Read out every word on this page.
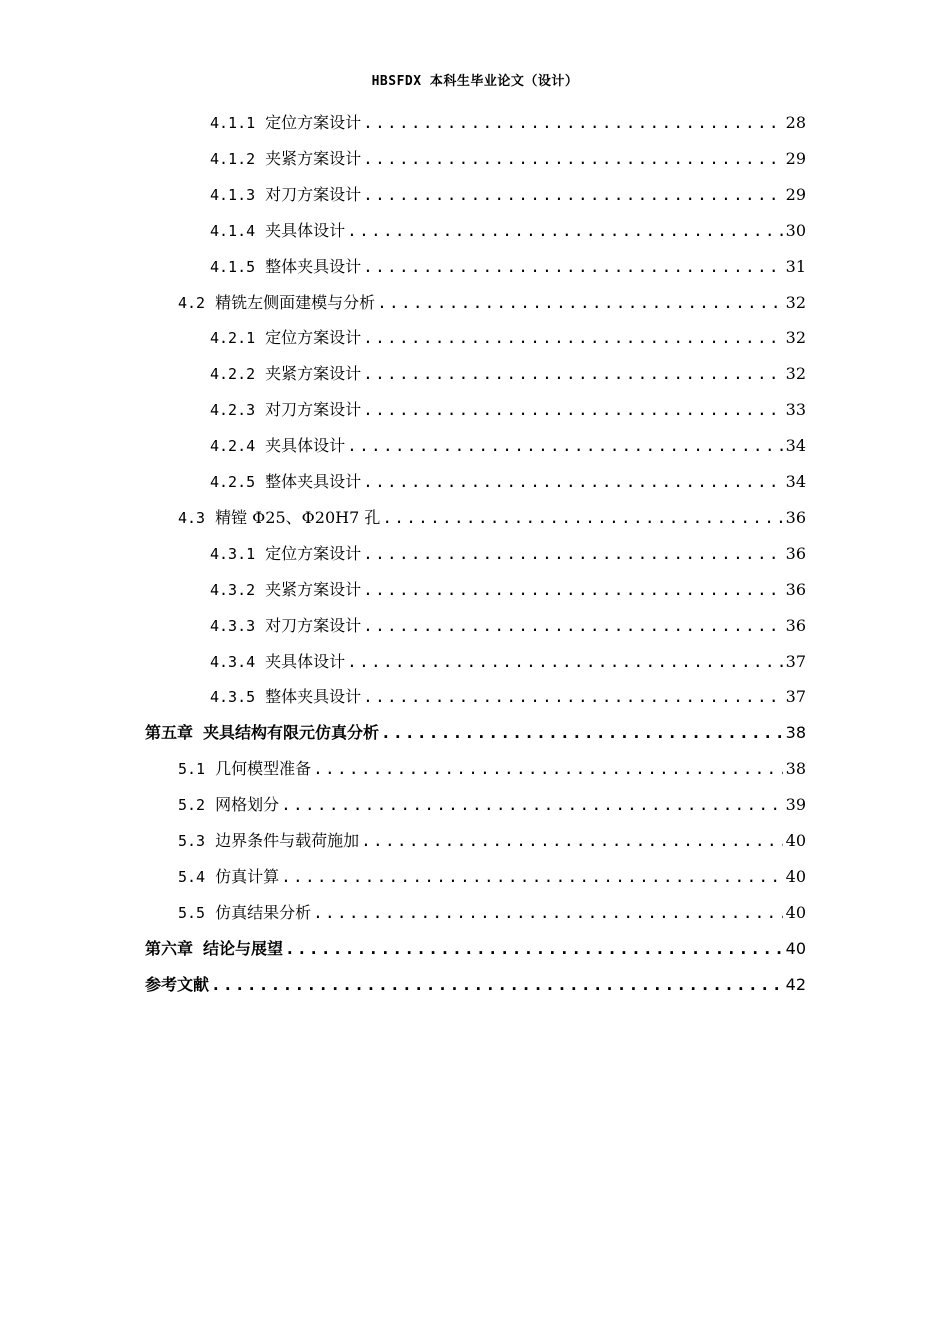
HBSFDX 本科生毕业论文（设计）
4.1.1 定位方案设计 .....	28
4.1.2 夹紧方案设计 .....	29
4.1.3 对刀方案设计 .....	29
4.1.4 夹具体设计 .....	30
4.1.5 整体夹具设计 .....	31
4.2 精铣左侧面建模与分析 .....	32
4.2.1 定位方案设计 .....	32
4.2.2 夹紧方案设计 .....	32
4.2.3 对刀方案设计 .....	33
4.2.4 夹具体设计 .....	34
4.2.5 整体夹具设计 .....	34
4.3 精镗 Φ25、Φ20H7 孔 .....	36
4.3.1 定位方案设计 .....	36
4.3.2 夹紧方案设计 .....	36
4.3.3 对刀方案设计 .....	36
4.3.4 夹具体设计 .....	37
4.3.5 整体夹具设计 .....	37
第五章 夹具结构有限元仿真分析 .....	38
5.1 几何模型准备 .....	38
5.2 网格划分 .....	39
5.3 边界条件与载荷施加 .....	40
5.4 仿真计算 .....	40
5.5 仿真结果分析 .....	40
第六章 结论与展望 .....	40
参考文献 .....	42
